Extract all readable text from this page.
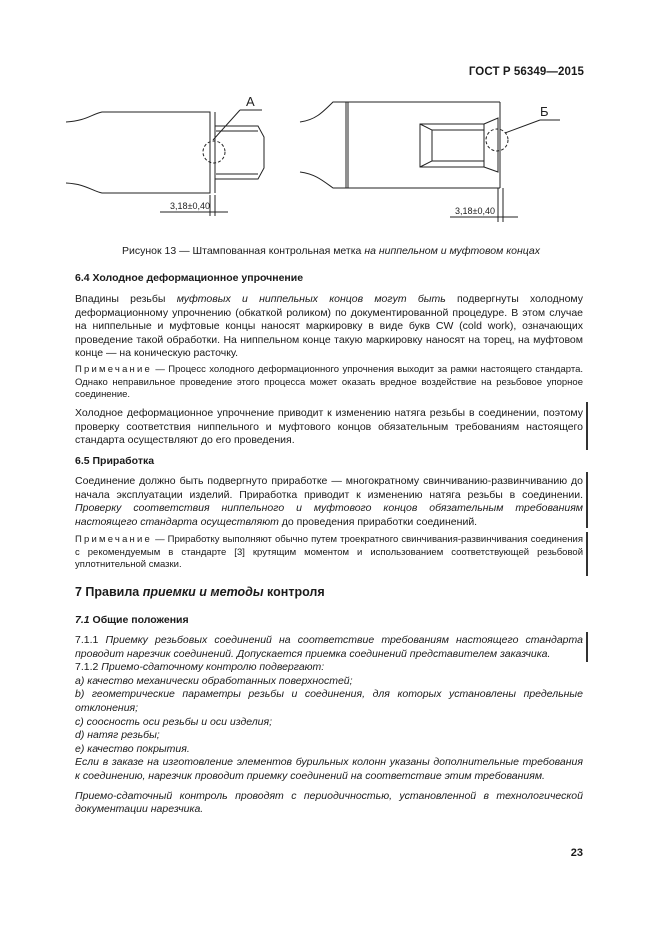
ГОСТ Р 56349—2015
А
Б
3,18±0,40	3,18±0,40
Рисунок 13 — Штампованная контрольная метка на ниппельном и муфтовом концах
6.4 Холодное деформационное упрочнение
Впадины резьбы муфтовых и ниппельных концов могут быть подвергнуты холодному деформационному упрочнению (обкаткой роликом) по документированной процедуре. В этом случае на ниппельные и муфтовые концы наносят маркировку в виде букв CW (cold work), означающих проведение такой обработки. На ниппельном конце такую маркировку наносят на торец, на муфтовом конце — на коническую расточку.
Примечание — Процесс холодного деформационного упрочнения выходит за рамки настоящего стандарта. Однако неправильное проведение этого процесса может оказать вредное воздействие на резьбовое упорное соединение.
Холодное деформационное упрочнение приводит к изменению натяга резьбы в соединении, поэтому проверку соответствия ниппельного и муфтового концов обязательным требованиям настоящего стандарта осуществляют до его проведения.
6.5 Приработка
Соединение должно быть подвергнуто приработке — многократному свинчиванию-развинчиванию до начала эксплуатации изделий. Приработка приводит к изменению натяга резьбы в соединении. Проверку соответствия ниппельного и муфтового концов обязательным требованиям настоящего стандарта осуществляют до проведения приработки соединений.
Примечание — Приработку выполняют обычно путем троекратного свинчивания-развинчивания соединения с рекомендуемым в стандарте [3] крутящим моментом и использованием соответствующей резьбовой уплотнительной смазки.
7 Правила приемки и методы контроля
7.1 Общие положения
7.1.1 Приемку резьбовых соединений на соответствие требованиям настоящего стандарта проводит нарезчик соединений. Допускается приемка соединений представителем заказчика.
7.1.2 Приемо-сдаточному контролю подвергают:
а) качество механически обработанных поверхностей;
b) геометрические параметры резьбы и соединения, для которых установлены предельные отклонения;
с) соосность оси резьбы и оси изделия;
d) натяг резьбы;
е) качество покрытия.
Если в заказе на изготовление элементов бурильных колонн указаны дополнительные требования к соединению, нарезчик проводит приемку соединений на соответствие этим требованиям.
Приемо-сдаточный контроль проводят с периодичностью, установленной в технологической документации нарезчика.
23
